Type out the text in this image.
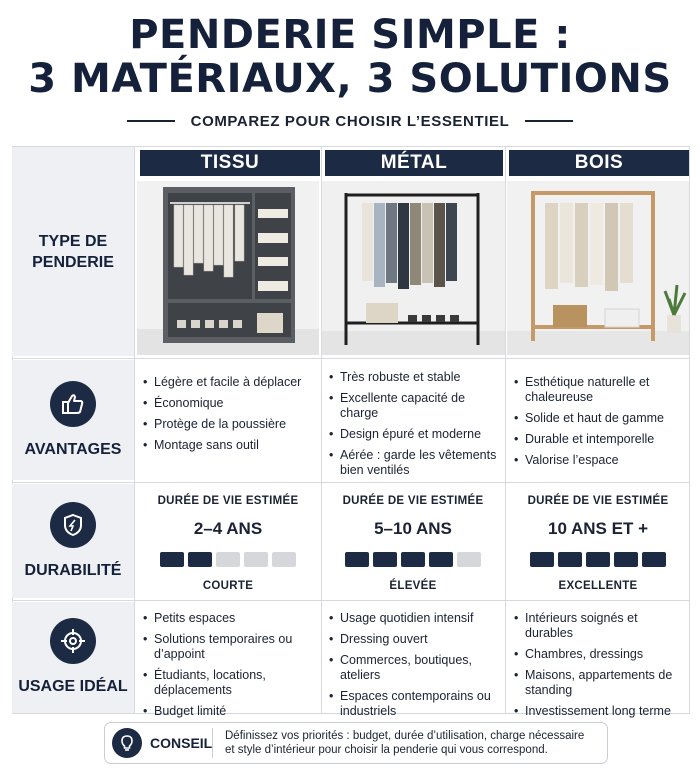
PENDERIE SIMPLE :
3 MATÉRIAUX, 3 SOLUTIONS
COMPAREZ POUR CHOISIR L’ESSENTIEL
TYPE DE PENDERIE
AVANTAGES
DURABILITÉ
USAGE IDÉAL
TISSU	MÉTAL	BOIS
• Légère et facile à déplacer
• Économique
• Protège de la poussière
• Montage sans outil
• Très robuste et stable
• Excellente capacité de charge
• Design épuré et moderne
• Aérée : garde les vêtements bien ventilés
• Esthétique naturelle et chaleureuse
• Solide et haut de gamme
• Durable et intemporelle
• Valorise l’espace
DURÉE DE VIE ESTIMÉE
2–4 ANS
COURTE
DURÉE DE VIE ESTIMÉE
5–10 ANS
ÉLEVÉE
DURÉE DE VIE ESTIMÉE
10 ANS ET +
EXCELLENTE
• Petits espaces
• Solutions temporaires ou d’appoint
• Étudiants, locations, déplacements
• Budget limité
• Usage quotidien intensif
• Dressing ouvert
• Commerces, boutiques, ateliers
• Espaces contemporains ou industriels
• Intérieurs soignés et durables
• Chambres, dressings
• Maisons, appartements de standing
• Investissement long terme
CONSEIL Définissez vos priorités : budget, durée d’utilisation, charge nécessaire et style d’intérieur pour choisir la penderie qui vous correspond.
